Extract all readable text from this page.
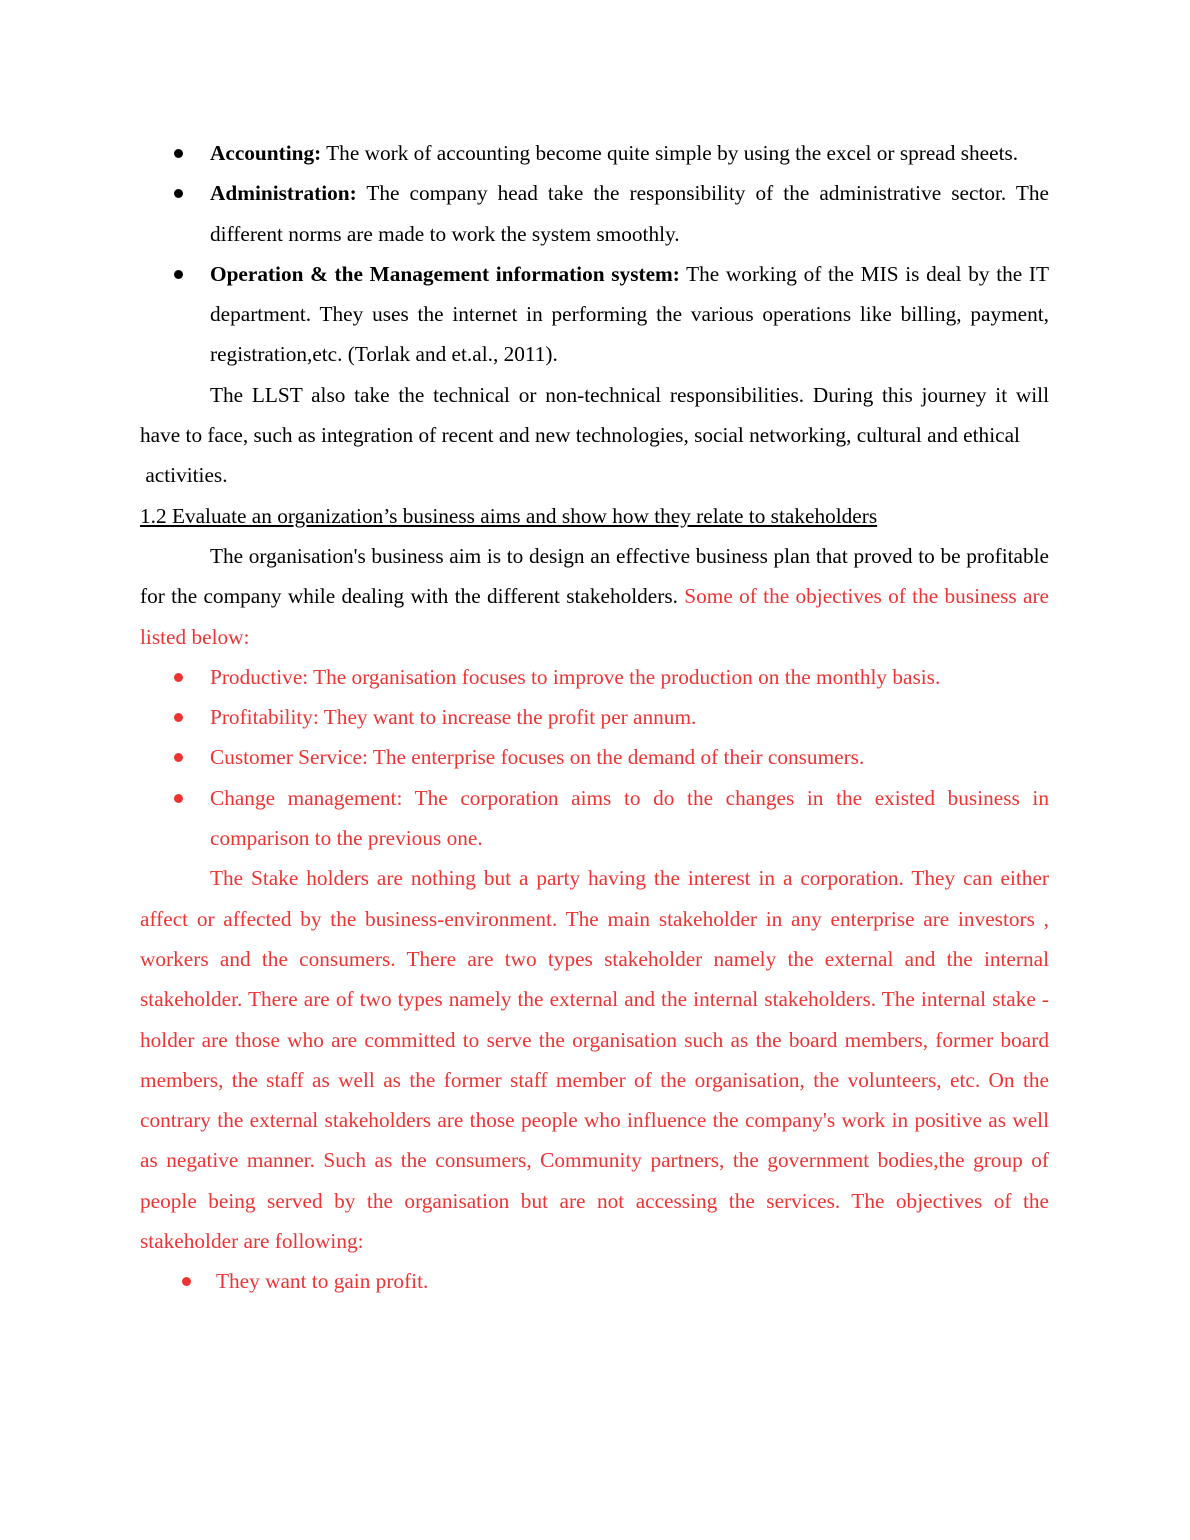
Accounting: The work of accounting become quite simple by using the excel or spread sheets.
Administration: The company head take the responsibility of the administrative sector. The different norms are made to work the system smoothly.
Operation & the Management information system: The working of the MIS is deal by the IT department. They uses the internet in performing the various operations like billing, payment, registration,etc. (Torlak and et.al., 2011).

The LLST also take the technical or non-technical responsibilities. During this journey it will have to face, such as integration of recent and new technologies, social networking, cultural and ethical

activities.

1.2 Evaluate an organization’s business aims and show how they relate to stakeholders

The organisation's business aim is to design an effective business plan that proved to be profitable for the company while dealing with the different stakeholders. Some of the objectives of the business are listed below:

Productive: The organisation focuses to improve the production on the monthly basis.
Profitability: They want to increase the profit per annum.
Customer Service: The enterprise focuses on the demand of their consumers.
Change management: The corporation aims to do the changes in the existed business in comparison to the previous one.

The Stake holders are nothing but a party having the interest in a corporation. They can either affect or affected by the business-environment. The main stakeholder in any enterprise are investors , workers and the consumers. There are two types stakeholder namely the external and the internal stakeholder. There are of two types namely the external and the internal stakeholders. The internal stake -holder are those who are committed to serve the organisation such as the board members, former board members, the staff as well as the former staff member of the organisation, the volunteers, etc. On the contrary the external stakeholders are those people who influence the company's work in positive as well as negative manner. Such as the consumers, Community partners, the government bodies,the group of people being served by the organisation but are not accessing the services. The objectives of the stakeholder are following:

They want to gain profit.
